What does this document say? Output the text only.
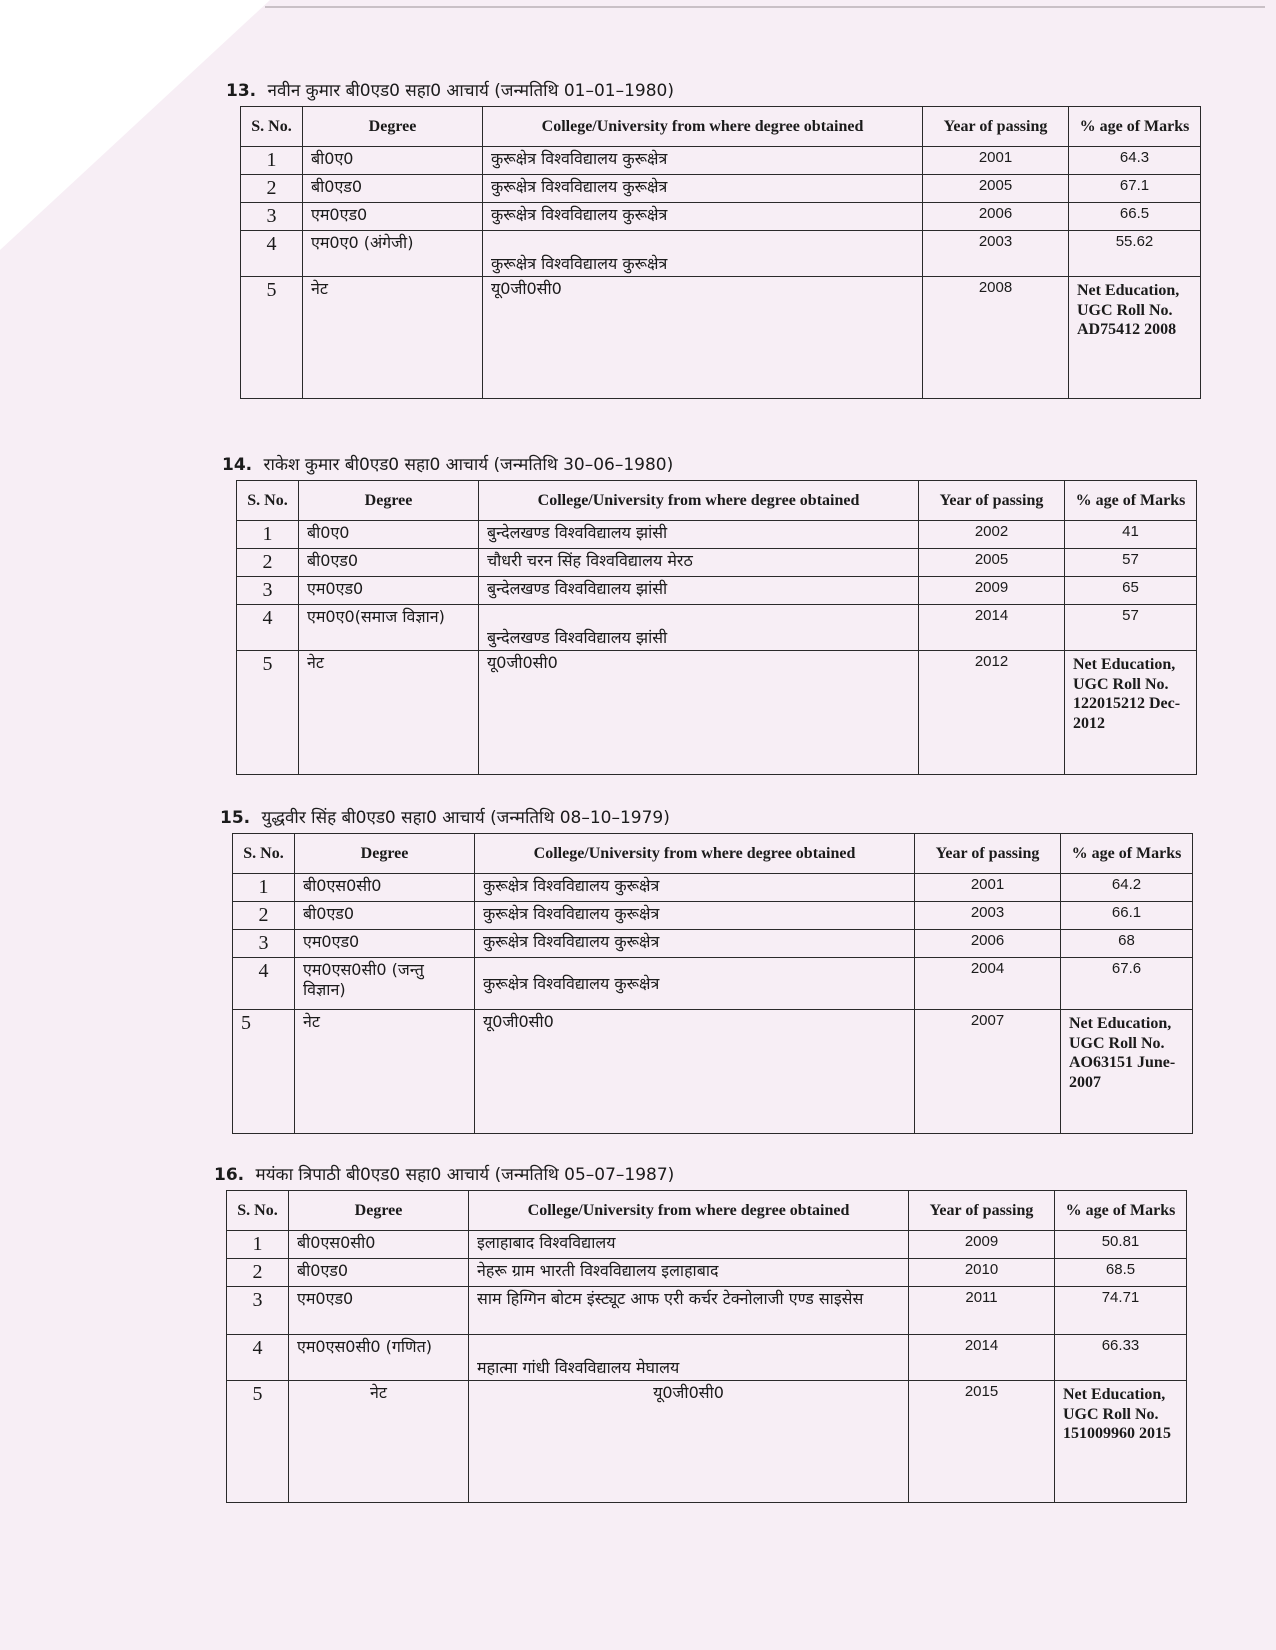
13. नवीन कुमार बी0एड0 सहा0 आचार्य (जन्मतिथि 01–01–1980)
S. No.	Degree	College/University from where degree obtained	Year of passing	% age of Marks
1	बी0ए0	कुरूक्षेत्र विश्वविद्यालय कुरूक्षेत्र	2001	64.3
2	बी0एड0	कुरूक्षेत्र विश्वविद्यालय कुरूक्षेत्र	2005	67.1
3	एम0एड0	कुरूक्षेत्र विश्वविद्यालय कुरूक्षेत्र	2006	66.5
4	एम0ए0 (अंगेजी)	कुरूक्षेत्र विश्वविद्यालय कुरूक्षेत्र	2003	55.62
5	नेट	यू0जी0सी0	2008	Net Education, UGC Roll No. AD75412 2008
14. राकेश कुमार बी0एड0 सहा0 आचार्य (जन्मतिथि 30–06–1980)
S. No.	Degree	College/University from where degree obtained	Year of passing	% age of Marks
1	बी0ए0	बुन्देलखण्ड विश्वविद्यालय झांसी	2002	41
2	बी0एड0	चौधरी चरन सिंह विश्वविद्यालय मेरठ	2005	57
3	एम0एड0	बुन्देलखण्ड विश्वविद्यालय झांसी	2009	65
4	एम0ए0(समाज विज्ञान)	बुन्देलखण्ड विश्वविद्यालय झांसी	2014	57
5	नेट	यू0जी0सी0	2012	Net Education, UGC Roll No. 122015212 Dec-2012
15. युद्धवीर सिंह बी0एड0 सहा0 आचार्य (जन्मतिथि 08–10–1979)
S. No.	Degree	College/University from where degree obtained	Year of passing	% age of Marks
1	बी0एस0सी0	कुरूक्षेत्र विश्वविद्यालय कुरूक्षेत्र	2001	64.2
2	बी0एड0	कुरूक्षेत्र विश्वविद्यालय कुरूक्षेत्र	2003	66.1
3	एम0एड0	कुरूक्षेत्र विश्वविद्यालय कुरूक्षेत्र	2006	68
4	एम0एस0सी0 (जन्तु विज्ञान)	कुरूक्षेत्र विश्वविद्यालय कुरूक्षेत्र	2004	67.6
5	नेट	यू0जी0सी0	2007	Net Education, UGC Roll No. AO63151 June-2007
16. मयंका त्रिपाठी बी0एड0 सहा0 आचार्य (जन्मतिथि 05–07–1987)
S. No.	Degree	College/University from where degree obtained	Year of passing	% age of Marks
1	बी0एस0सी0	इलाहाबाद विश्वविद्यालय	2009	50.81
2	बी0एड0	नेहरू ग्राम भारती विश्वविद्यालय इलाहाबाद	2010	68.5
3	एम0एड0	साम हिग्गिन बोटम इंस्ट्यूट आफ एरी कर्चर टेक्नोलाजी एण्ड साइसेस	2011	74.71
4	एम0एस0सी0 (गणित)	महात्मा गांधी विश्वविद्यालय मेघालय	2014	66.33
5	नेट	यू0जी0सी0	2015	Net Education, UGC Roll No. 151009960 2015
